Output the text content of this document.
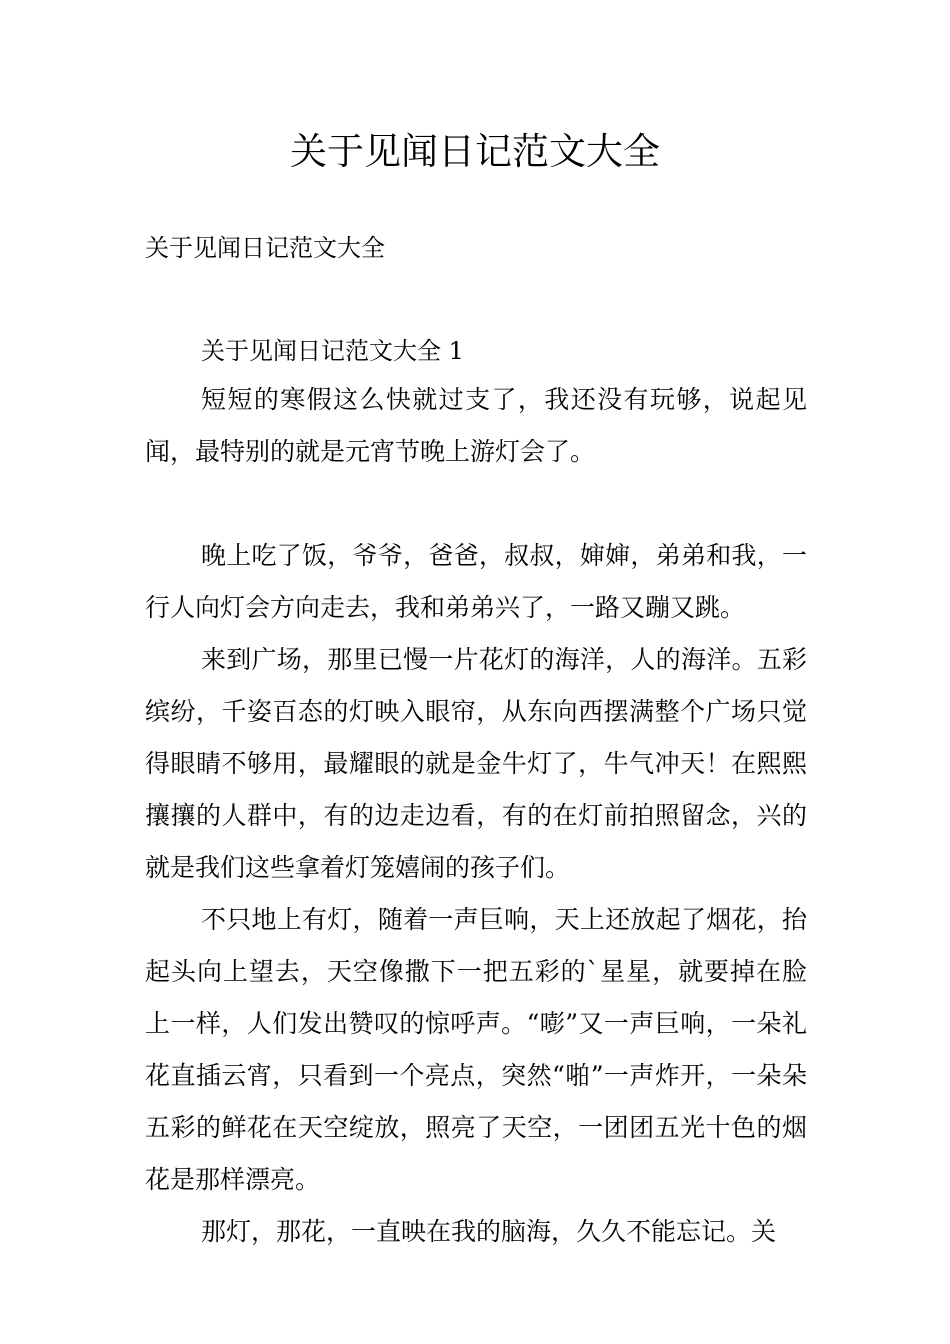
关于见闻日记范文大全
关于见闻日记范文大全

关于见闻日记范文大全 1

短短的寒假这么快就过支了，我还没有玩够，说起见闻，最特别的就是元宵节晚上游灯会了。

晚上吃了饭，爷爷，爸爸，叔叔，婶婶，弟弟和我，一行人向灯会方向走去，我和弟弟兴了，一路又蹦又跳。

来到广场，那里已慢一片花灯的海洋，人的海洋。五彩缤纷，千姿百态的灯映入眼帘，从东向西摆满整个广场只觉得眼睛不够用，最耀眼的就是金牛灯了，牛气冲天！在熙熙攘攘的人群中，有的边走边看，有的在灯前拍照留念，兴的就是我们这些拿着灯笼嬉闹的孩子们。

不只地上有灯，随着一声巨响，天上还放起了烟花，抬起头向上望去，天空像撒下一把五彩的`星星，就要掉在脸上一样，人们发出赞叹的惊呼声。“嘭”又一声巨响，一朵礼花直插云宵，只看到一个亮点，突然“啪”一声炸开，一朵朵五彩的鲜花在天空绽放，照亮了天空，一团团五光十色的烟花是那样漂亮。

那灯，那花，一直映在我的脑海，久久不能忘记。关
